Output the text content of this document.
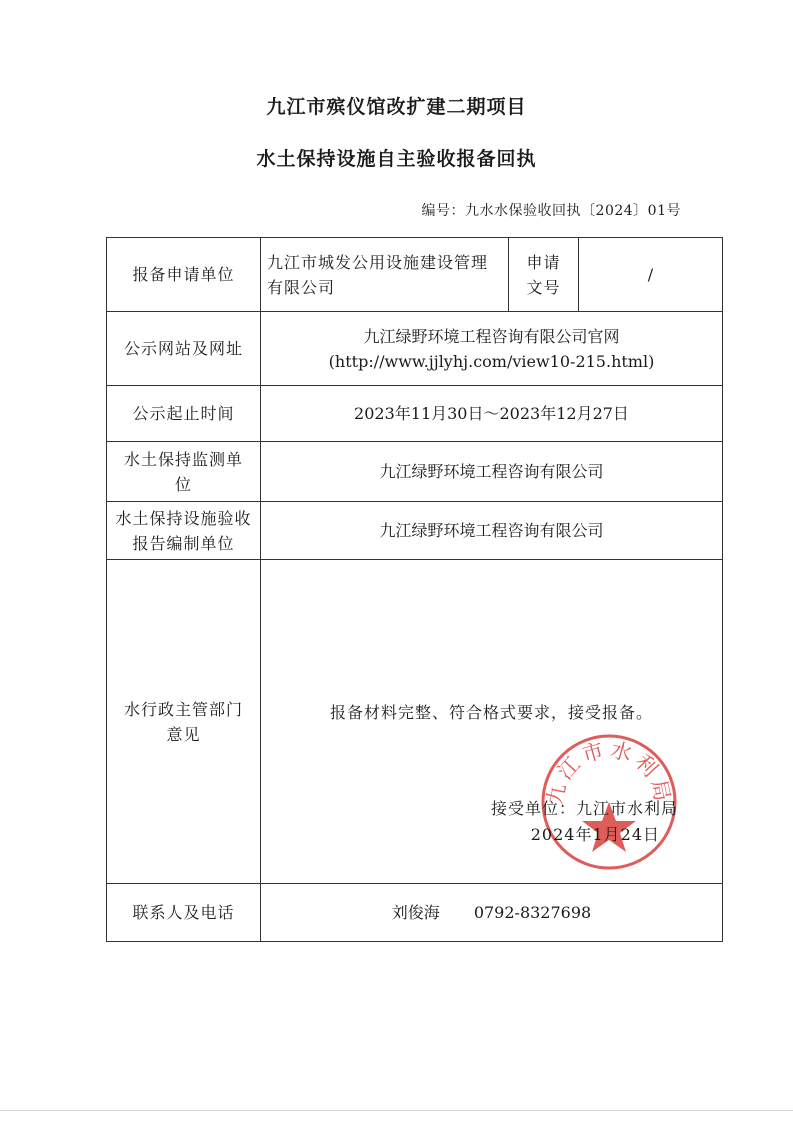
九江市殡仪馆改扩建二期项目
水土保持设施自主验收报备回执
编号：九水水保验收回执〔2024〕01号
报备申请单位	九江市城发公用设施建设管理有限公司	申请文号	/
公示网站及网址	九江绿野环境工程咨询有限公司官网
(http://www.jjlyhj.com/view10-215.html)		

公示起止时间	2023年11月30日～2023年12月27日		
水土保持监测单位	九江绿野环境工程咨询有限公司		
水土保持设施验收报告编制单位	九江绿野环境工程咨询有限公司		
水行政主管部门意见	九江市水利局
报备材料完整、符合格式要求，接受报备。
接受单位：九江市水利局
2024年1月24日		

联系人及电话	刘俊海 0792-8327698		
